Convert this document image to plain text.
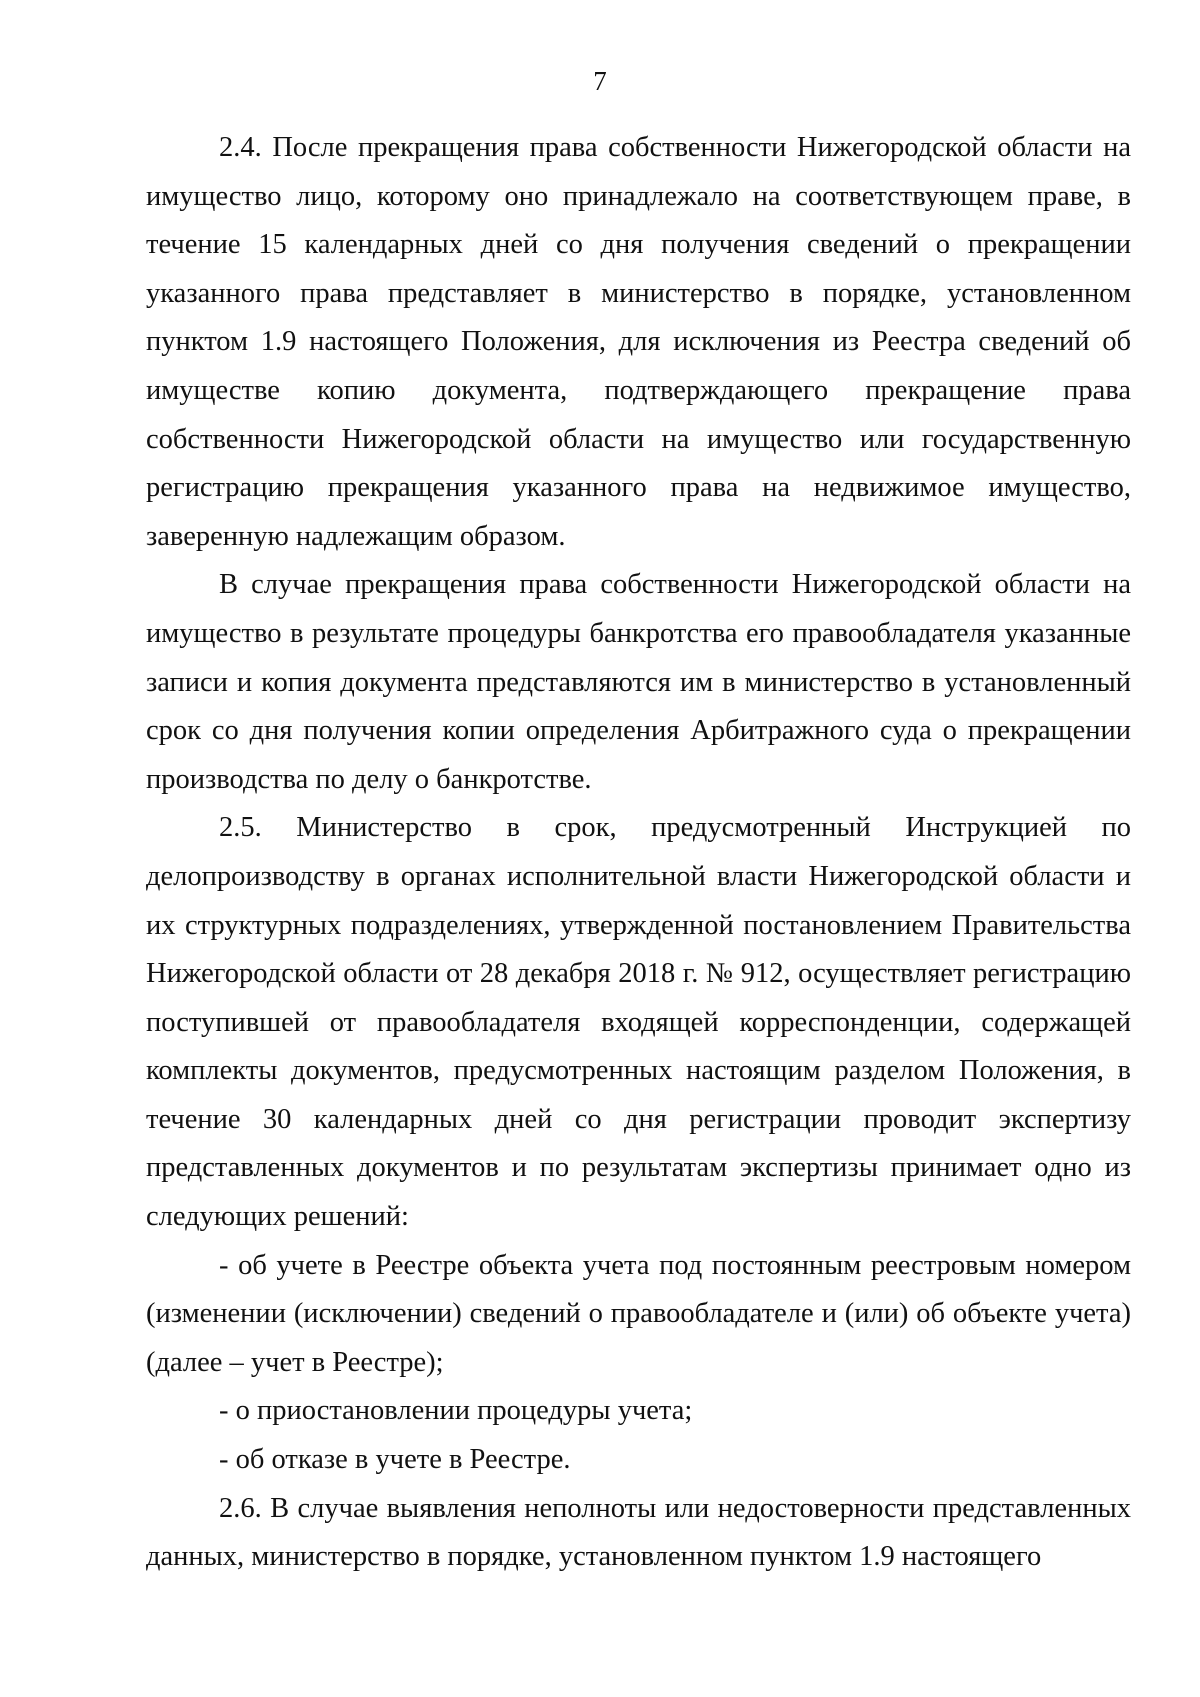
7

2.4. После прекращения права собственности Нижегородской области на имущество лицо, которому оно принадлежало на соответствующем праве, в течение 15 календарных дней со дня получения сведений о прекращении указанного права представляет в министерство в порядке, установленном пунктом 1.9 настоящего Положения, для исключения из Реестра сведений об имуществе копию документа, подтверждающего прекращение права собственности Нижегородской области на имущество или государственную регистрацию прекращения указанного права на недвижимое имущество, заверенную надлежащим образом.

В случае прекращения права собственности Нижегородской области на имущество в результате процедуры банкротства его правообладателя указанные записи и копия документа представляются им в министерство в установленный срок со дня получения копии определения Арбитражного суда о прекращении производства по делу о банкротстве.

2.5. Министерство в срок, предусмотренный Инструкцией по делопроизводству в органах исполнительной власти Нижегородской области и их структурных подразделениях, утвержденной постановлением Правительства Нижегородской области от 28 декабря 2018 г. № 912, осуществляет регистрацию поступившей от правообладателя входящей корреспонденции, содержащей комплекты документов, предусмотренных настоящим разделом Положения, в течение 30 календарных дней со дня регистрации проводит экспертизу представленных документов и по результатам экспертизы принимает одно из следующих решений:

- об учете в Реестре объекта учета под постоянным реестровым номером (изменении (исключении) сведений о правообладателе и (или) об объекте учета) (далее – учет в Реестре);

- о приостановлении процедуры учета;

- об отказе в учете в Реестре.

2.6. В случае выявления неполноты или недостоверности представленных данных, министерство в порядке, установленном пунктом 1.9 настоящего
